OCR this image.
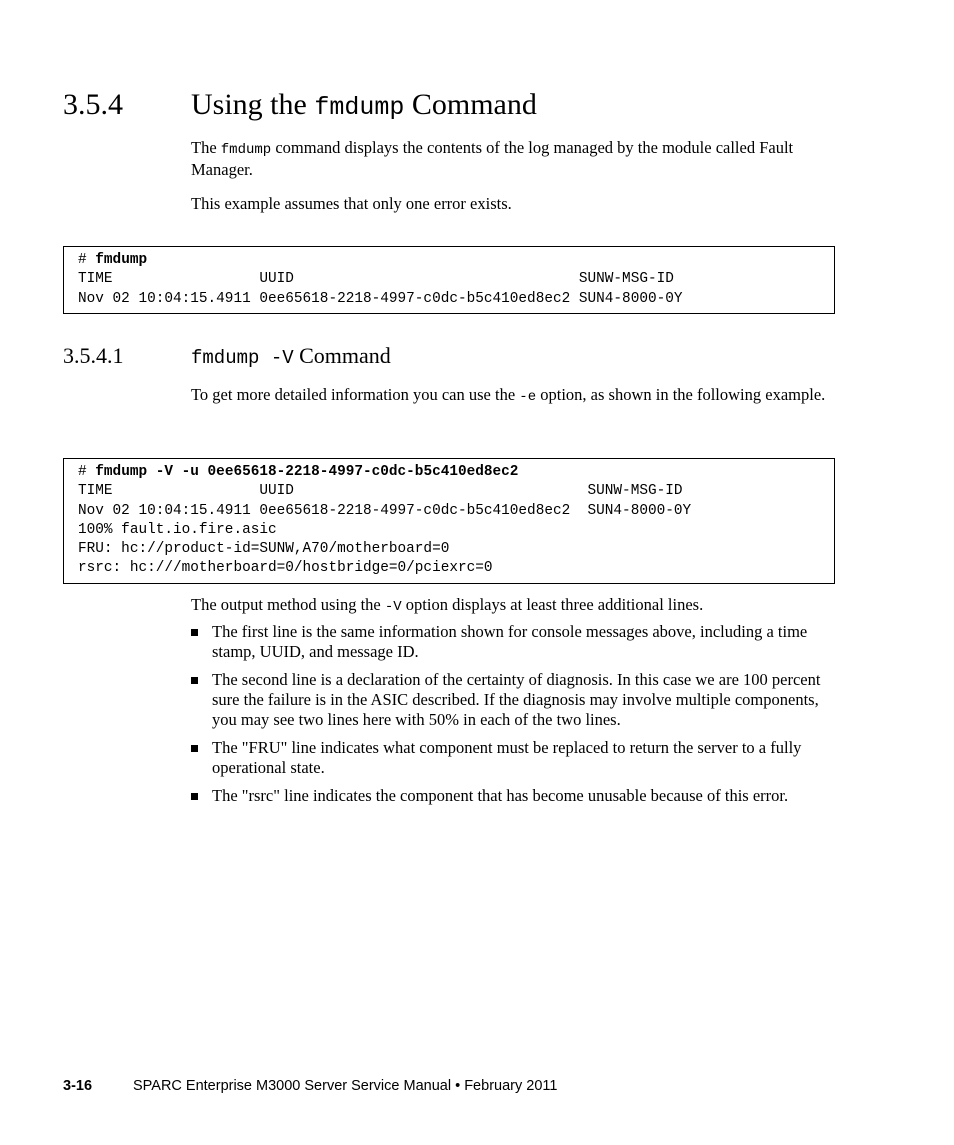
3.5.4 Using the fmdump Command

The fmdump command displays the contents of the log managed by the module called Fault Manager.

This example assumes that only one error exists.

# fmdump
TIME                 UUID                                 SUNW-MSG-ID
Nov 02 10:04:15.4911 0ee65618-2218-4997-c0dc-b5c410ed8ec2 SUN4-8000-0Y
3.5.4.1	fmdump -V Command

To get more detailed information you can use the -e option, as shown in the following example.

# fmdump -V -u 0ee65618-2218-4997-c0dc-b5c410ed8ec2
TIME                 UUID                                  SUNW-MSG-ID
Nov 02 10:04:15.4911 0ee65618-2218-4997-c0dc-b5c410ed8ec2  SUN4-8000-0Y
100% fault.io.fire.asic
FRU: hc://product-id=SUNW,A70/motherboard=0
rsrc: hc:///motherboard=0/hostbridge=0/pciexrc=0

The output method using the -V option displays at least three additional lines.

The first line is the same information shown for console messages above, including a time stamp, UUID, and message ID.
The second line is a declaration of the certainty of diagnosis. In this case we are 100 percent sure the failure is in the ASIC described. If the diagnosis may involve multiple components, you may see two lines here with 50% in each of the two lines.
The "FRU" line indicates what component must be replaced to return the server to a fully operational state.
The "rsrc" line indicates the component that has become unusable because of this error.
3-16	SPARC Enterprise M3000 Server Service Manual • February 2011
